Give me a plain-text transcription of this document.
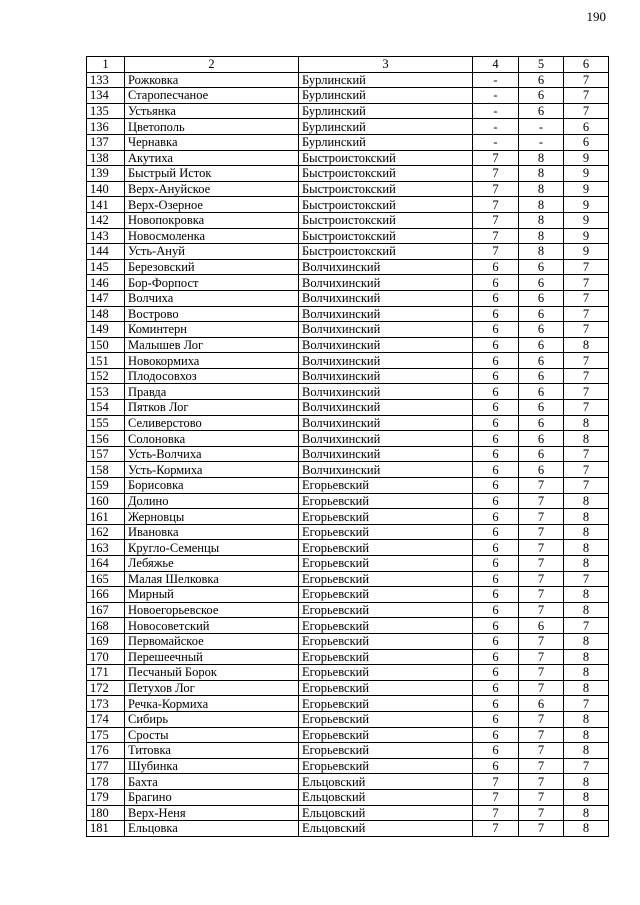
190
1	2	3	4	5	6
133	Рожковка	Бурлинский	-	6	7
134	Старопесчаное	Бурлинский	-	6	7
135	Устьянка	Бурлинский	-	6	7
136	Цветополь	Бурлинский	-	-	6
137	Чернавка	Бурлинский	-	-	6
138	Акутиха	Быстроистокский	7	8	9
139	Быстрый Исток	Быстроистокский	7	8	9
140	Верх-Ануйское	Быстроистокский	7	8	9
141	Верх-Озерное	Быстроистокский	7	8	9
142	Новопокровка	Быстроистокский	7	8	9
143	Новосмоленка	Быстроистокский	7	8	9
144	Усть-Ануй	Быстроистокский	7	8	9
145	Березовский	Волчихинский	6	6	7
146	Бор-Форпост	Волчихинский	6	6	7
147	Волчиха	Волчихинский	6	6	7
148	Вострово	Волчихинский	6	6	7
149	Коминтерн	Волчихинский	6	6	7
150	Малышев Лог	Волчихинский	6	6	8
151	Новокормиха	Волчихинский	6	6	7
152	Плодосовхоз	Волчихинский	6	6	7
153	Правда	Волчихинский	6	6	7
154	Пятков Лог	Волчихинский	6	6	7
155	Селиверстово	Волчихинский	6	6	8
156	Солоновка	Волчихинский	6	6	8
157	Усть-Волчиха	Волчихинский	6	6	7
158	Усть-Кормиха	Волчихинский	6	6	7
159	Борисовка	Егорьевский	6	7	7
160	Долино	Егорьевский	6	7	8
161	Жерновцы	Егорьевский	6	7	8
162	Ивановка	Егорьевский	6	7	8
163	Кругло-Семенцы	Егорьевский	6	7	8
164	Лебяжье	Егорьевский	6	7	8
165	Малая Шелковка	Егорьевский	6	7	7
166	Мирный	Егорьевский	6	7	8
167	Новоегорьевское	Егорьевский	6	7	8
168	Новосоветский	Егорьевский	6	6	7
169	Первомайское	Егорьевский	6	7	8
170	Перешеечный	Егорьевский	6	7	8
171	Песчаный Борок	Егорьевский	6	7	8
172	Петухов Лог	Егорьевский	6	7	8
173	Речка-Кормиха	Егорьевский	6	6	7
174	Сибирь	Егорьевский	6	7	8
175	Сросты	Егорьевский	6	7	8
176	Титовка	Егорьевский	6	7	8
177	Шубинка	Егорьевский	6	7	7
178	Бахта	Ельцовский	7	7	8
179	Брагино	Ельцовский	7	7	8
180	Верх-Неня	Ельцовский	7	7	8
181	Ельцовка	Ельцовский	7	7	8
